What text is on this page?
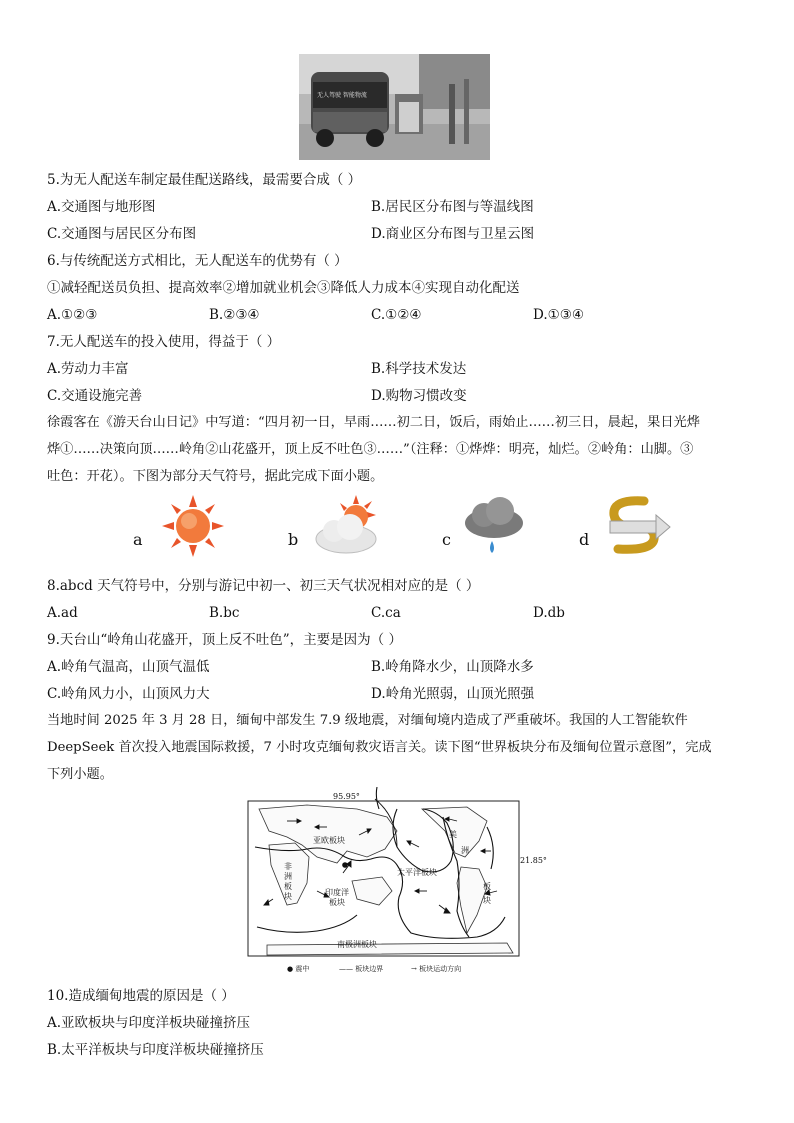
无人驾驶 智能物流
5.为无人配送车制定最佳配送路线，最需要合成（ ）
A.交通图与地形图	B.居民区分布图与等温线图
C.交通图与居民区分布图	D.商业区分布图与卫星云图
6.与传统配送方式相比，无人配送车的优势有（ ）
①减轻配送员负担、提高效率②增加就业机会③降低人力成本④实现自动化配送
A.①②③	B.②③④	C.①②④	D.①③④
7.无人配送车的投入使用，得益于（ ）
A.劳动力丰富	B.科学技术发达
C.交通设施完善	D.购物习惯改变
徐霞客在《游天台山日记》中写道：“四月初一日，早雨……初二日，饭后，雨始止……初三日，晨起，果日光烨
烨①……决策向顶……岭角②山花盛开，顶上反不吐色③……”（注释：①烨烨：明亮，灿烂。②岭角：山脚。③
吐色：开花）。下图为部分天气符号，据此完成下面小题。
a	b	c	d
8.abcd 天气符号中，分别与游记中初一、初三天气状况相对应的是（ ）
A.ad	B.bc	C.ca	D.db
9.天台山“岭角山花盛开，顶上反不吐色”，主要是因为（ ）
A.岭角气温高，山顶气温低	B.岭角降水少，山顶降水多
C.岭角风力小，山顶风力大	D.岭角光照弱，山顶光照强
当地时间 2025 年 3 月 28 日，缅甸中部发生 7.9 级地震，对缅甸境内造成了严重破坏。我国的人工智能软件
DeepSeek 首次投入地震国际救援，7 小时攻克缅甸救灾语言关。读下图“世界板块分布及缅甸位置示意图”，完成
下列小题。
亚欧板块
非
洲
板
块	印度洋
板块
太平洋板块
美
洲
板
块
南极洲板块
95.95°
21.85°
● 震中	—— 板块边界	→ 板块运动方向
10.造成缅甸地震的原因是（ ）
A.亚欧板块与印度洋板块碰撞挤压
B.太平洋板块与印度洋板块碰撞挤压
